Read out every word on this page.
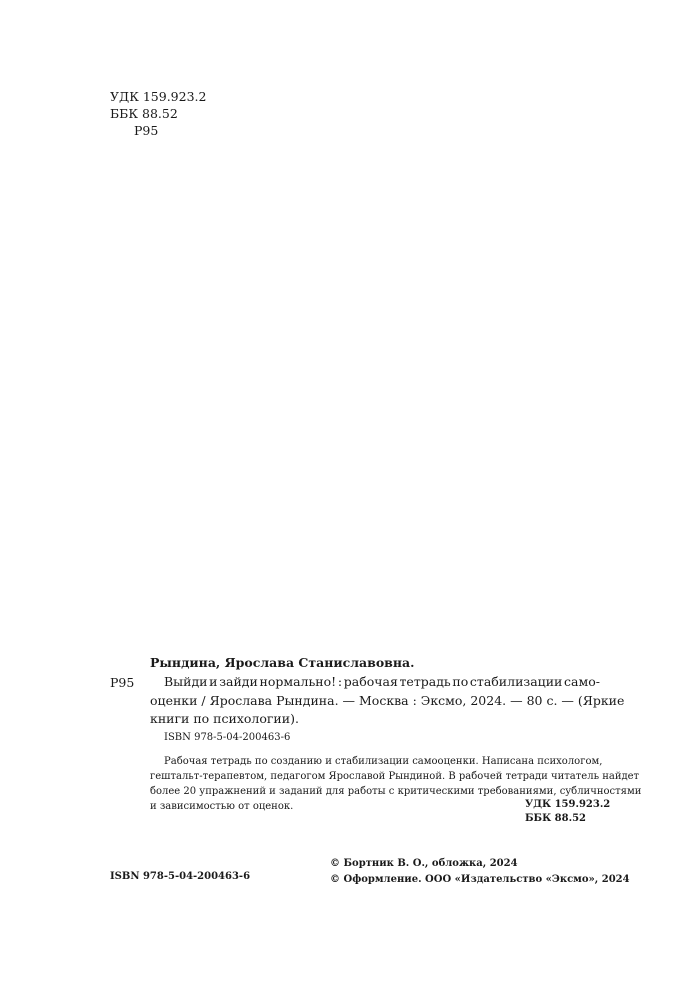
УДК 159.923.2
ББК 88.52
Р95
Рындина, Ярослава Станиславовна.
Р95 Выйди и зайди нормально! : рабочая тетрадь по стабилизации само-
оценки / Ярослава Рындина. — Москва : Эксмо, 2024. — 80 с. — (Яркие
книги по психологии).
ISBN 978-5-04-200463-6
Рабочая тетрадь по созданию и стабилизации самооценки. Написана психологом,
гештальт-терапевтом, педагогом Ярославой Рындиной. В рабочей тетради читатель найдет
более 20 упражнений и заданий для работы с критическими требованиями, субличностями
и зависимостью от оценок.	УДК 159.923.2
ББК 88.52
© Бортник В. О., обложка, 2024
© Оформление. ООО «Издательство «Эксмо», 2024
ISBN 978-5-04-200463-6
